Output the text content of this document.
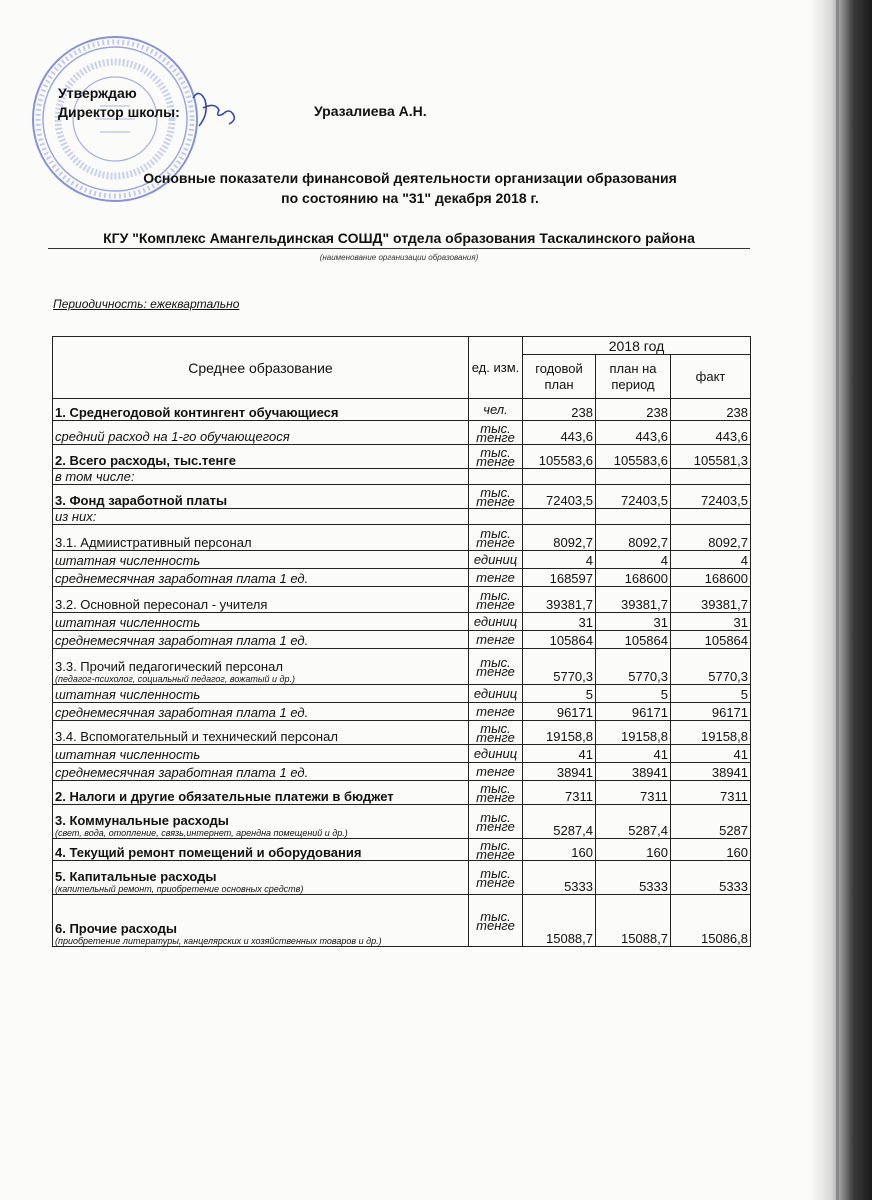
Утверждаю
Директор школы:	Уразалиева А.Н.
Основные показатели финансовой деятельности организации образования
по состоянию на "31" декабря 2018 г.
КГУ "Комплекс Амангельдинская СОШД" отдела образования Таскалинского района
(наименование организации образования)
Периодичность: ежеквартально
Среднее образование	ед. изм.	2018 год		
		годовой план	план на период	факт
1. Среднегодовой контингент обучающиеся	чел.	238	238	238
средний расход на 1-го обучающегося	тыс. тенге	443,6	443,6	443,6
2. Всего расходы, тыс.тенге	тыс. тенге	105583,6	105583,6	105581,3
в том числе:				
3. Фонд заработной платы	тыс. тенге	72403,5	72403,5	72403,5
из них:				
3.1. Адмиистративный персонал	тыс. тенге	8092,7	8092,7	8092,7
штатная численность	единиц	4	4	4
среднемесячная заработная плата 1 ед.	тенге	168597	168600	168600
3.2. Основной пересонал - учителя	тыс. тенге	39381,7	39381,7	39381,7
штатная численность	единиц	31	31	31
среднемесячная заработная плата 1 ед.	тенге	105864	105864	105864
3.3. Прочий педагогический персонал
(педагог-психолог, социальный педагог, вожатый и др.)	тыс. тенге	5770,3	5770,3	5770,3
штатная численность	единиц	5	5	5
среднемесячная заработная плата 1 ед.	тенге	96171	96171	96171
3.4. Вспомогательный и технический персонал	тыс. тенге	19158,8	19158,8	19158,8
штатная численность	единиц	41	41	41
среднемесячная заработная плата 1 ед.	тенге	38941	38941	38941
2. Налоги и другие обязательные платежи в бюджет	тыс. тенге	7311	7311	7311
3. Коммунальные расходы
(свет, вода, отопление, связь,интернет, арендна помещений и др.)	тыс. тенге	5287,4	5287,4	5287
4. Текущий ремонт помещений и оборудования	тыс. тенге	160	160	160
5. Капитальные расходы
(капительный ремонт, приобретение основных средств)	тыс. тенге	5333	5333	5333
6. Прочие расходы
(приобретение литературы, канцелярских и хозяйственных товаров и др.)	тыс. тенге	15088,7	15088,7	15086,8
